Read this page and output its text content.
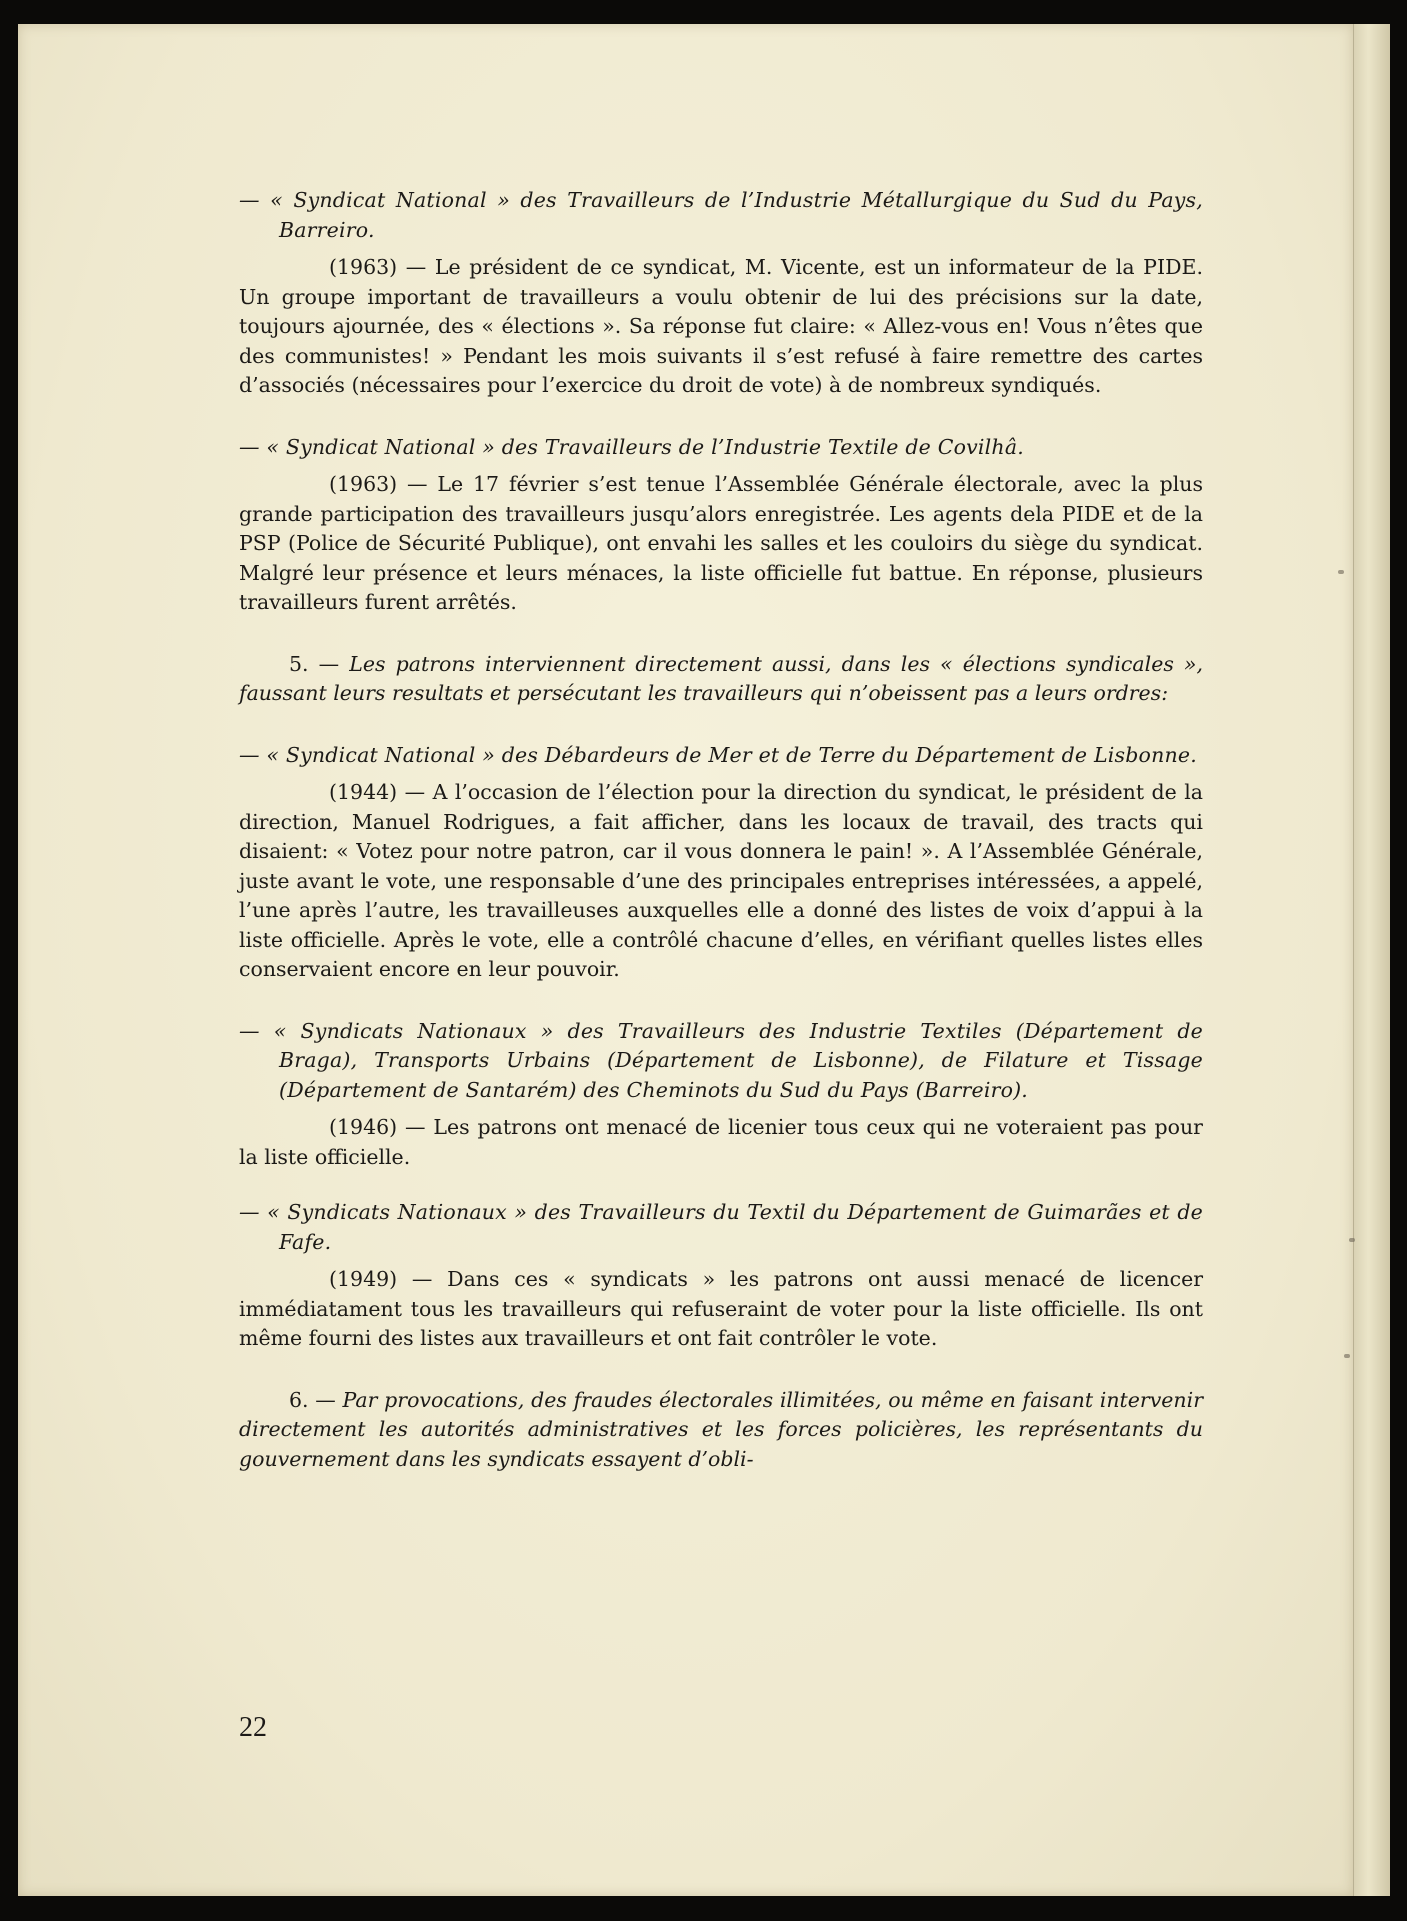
— « Syndicat National » des Travailleurs de l’Industrie Métallurgique du Sud du Pays, Barreiro.

(1963) — Le président de ce syndicat, M. Vicente, est un informateur de la PIDE. Un groupe important de travailleurs a voulu obtenir de lui des précisions sur la date, toujours ajournée, des « élections ». Sa réponse fut claire: « Allez-vous en! Vous n’êtes que des communistes! » Pendant les mois suivants il s’est refusé à faire remettre des cartes d’associés (nécessaires pour l’exercice du droit de vote) à de nombreux syndiqués.

— « Syndicat National » des Travailleurs de l’Industrie Textile de Covilhâ.

(1963) — Le 17 février s’est tenue l’Assemblée Générale électorale, avec la plus grande participation des travailleurs jusqu’alors enregistrée. Les agents dela PIDE et de la PSP (Police de Sécurité Publique), ont envahi les salles et les couloirs du siège du syndicat. Malgré leur présence et leurs ménaces, la liste officielle fut battue. En réponse, plusieurs travailleurs furent arrêtés.

5. — Les patrons interviennent directement aussi, dans les « élections syndicales », faussant leurs resultats et persécutant les travailleurs qui n’obeissent pas a leurs ordres:

— « Syndicat National » des Débardeurs de Mer et de Terre du Département de Lisbonne.

(1944) — A l’occasion de l’élection pour la direction du syndicat, le président de la direction, Manuel Rodrigues, a fait afficher, dans les locaux de travail, des tracts qui disaient: « Votez pour notre patron, car il vous donnera le pain! ». A l’Assemblée Générale, juste avant le vote, une responsable d’une des principales entreprises intéressées, a appelé, l’une après l’autre, les travailleuses auxquelles elle a donné des listes de voix d’appui à la liste officielle. Après le vote, elle a contrôlé chacune d’elles, en vérifiant quelles listes elles conservaient encore en leur pouvoir.

— « Syndicats Nationaux » des Travailleurs des Industrie Textiles (Département de Braga), Transports Urbains (Département de Lisbonne), de Filature et Tissage (Département de Santarém) des Cheminots du Sud du Pays (Barreiro).

(1946) — Les patrons ont menacé de licenier tous ceux qui ne voteraient pas pour la liste officielle.

— « Syndicats Nationaux » des Travailleurs du Textil du Département de Guimarães et de Fafe.

(1949) — Dans ces « syndicats » les patrons ont aussi menacé de licencer immédiatament tous les travailleurs qui refuseraint de voter pour la liste officielle. Ils ont même fourni des listes aux travailleurs et ont fait contrôler le vote.

6. — Par provocations, des fraudes électorales illimitées, ou même en faisant intervenir directement les autorités administratives et les forces policières, les représentants du gouvernement dans les syndicats essayent d’obli-

22
